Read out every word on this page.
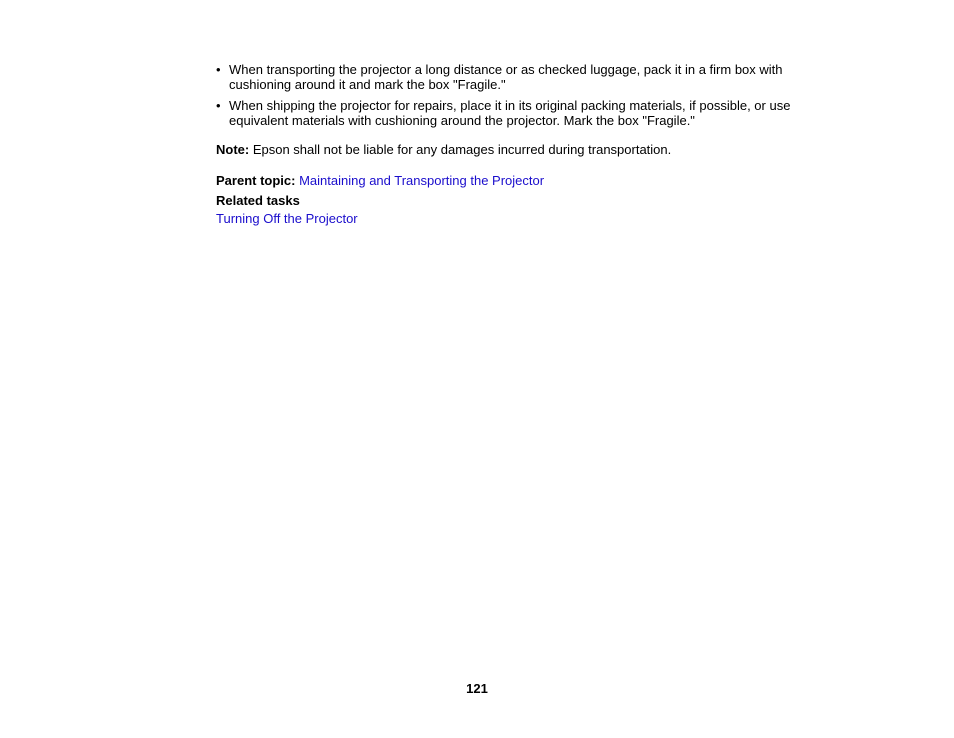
• When transporting the projector a long distance or as checked luggage, pack it in a firm box with cushioning around it and mark the box "Fragile."
• When shipping the projector for repairs, place it in its original packing materials, if possible, or use equivalent materials with cushioning around the projector. Mark the box "Fragile."
Note: Epson shall not be liable for any damages incurred during transportation.
Parent topic: Maintaining and Transporting the Projector
Related tasks
Turning Off the Projector
121
